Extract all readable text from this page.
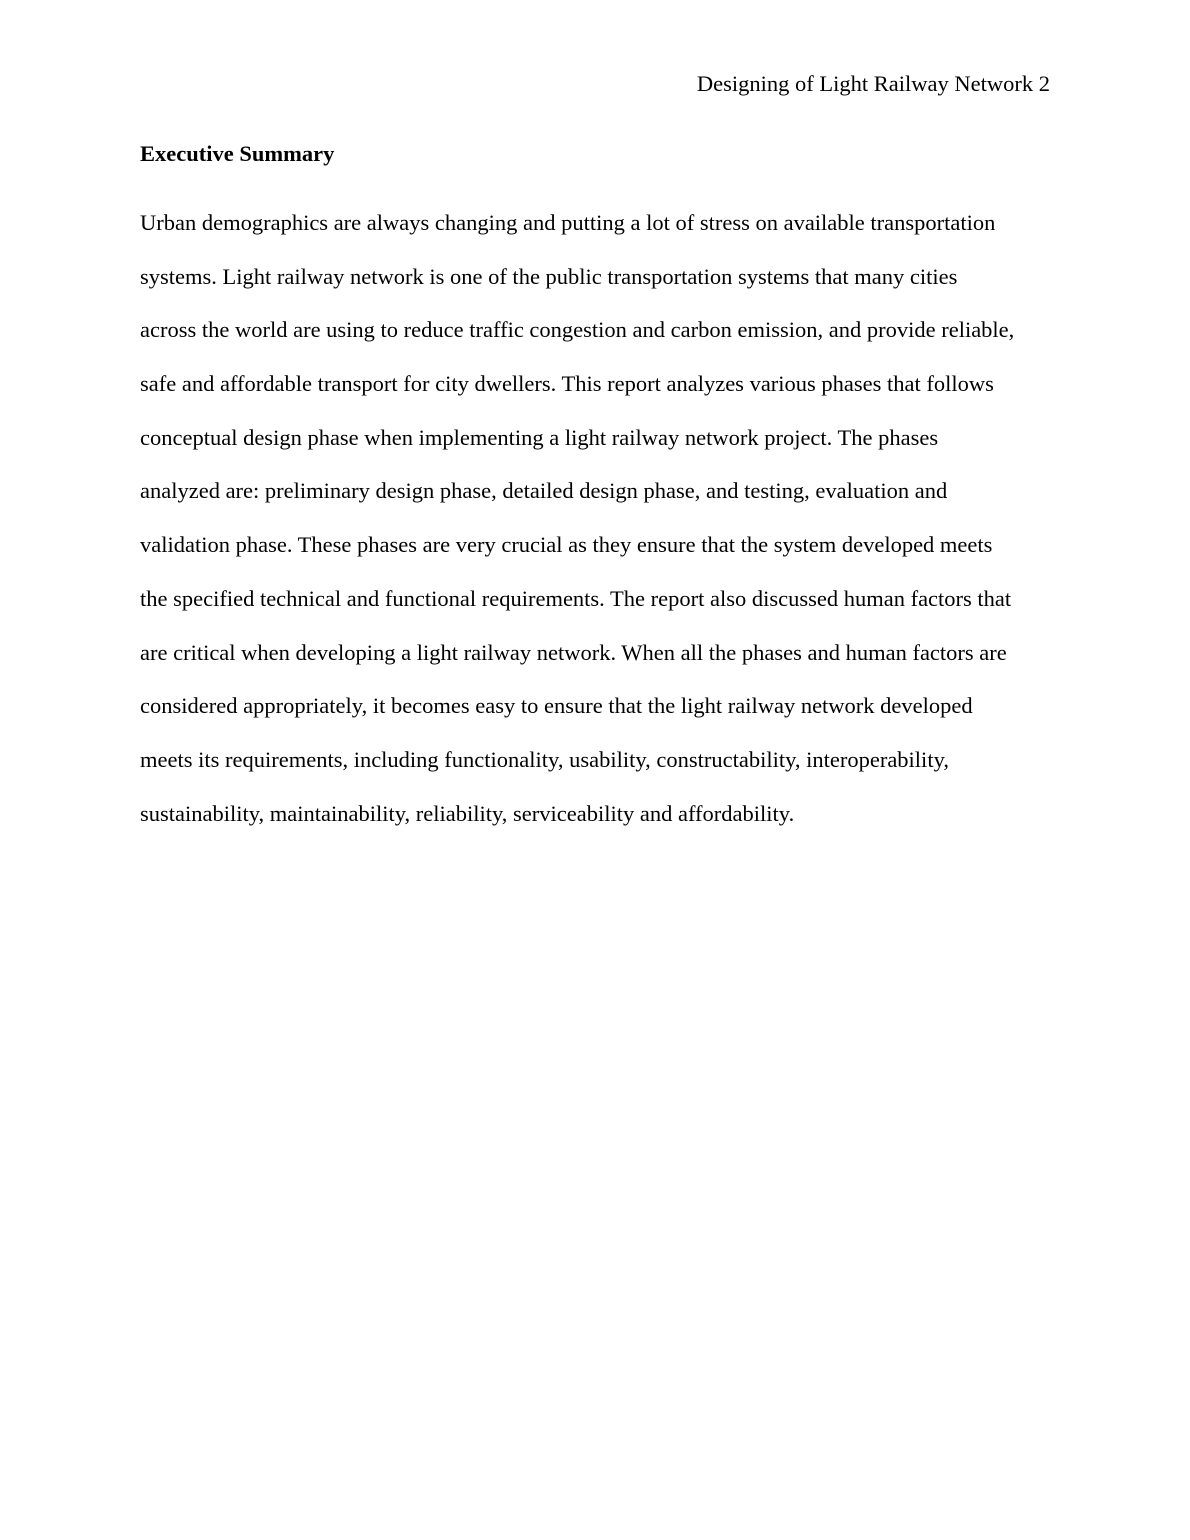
Designing of Light Railway Network 2
Executive Summary
Urban demographics are always changing and putting a lot of stress on available transportation
systems. Light railway network is one of the public transportation systems that many cities
across the world are using to reduce traffic congestion and carbon emission, and provide reliable,
safe and affordable transport for city dwellers. This report analyzes various phases that follows
conceptual design phase when implementing a light railway network project. The phases
analyzed are: preliminary design phase, detailed design phase, and testing, evaluation and
validation phase. These phases are very crucial as they ensure that the system developed meets
the specified technical and functional requirements. The report also discussed human factors that
are critical when developing a light railway network. When all the phases and human factors are
considered appropriately, it becomes easy to ensure that the light railway network developed
meets its requirements, including functionality, usability, constructability, interoperability,
sustainability, maintainability, reliability, serviceability and affordability.
